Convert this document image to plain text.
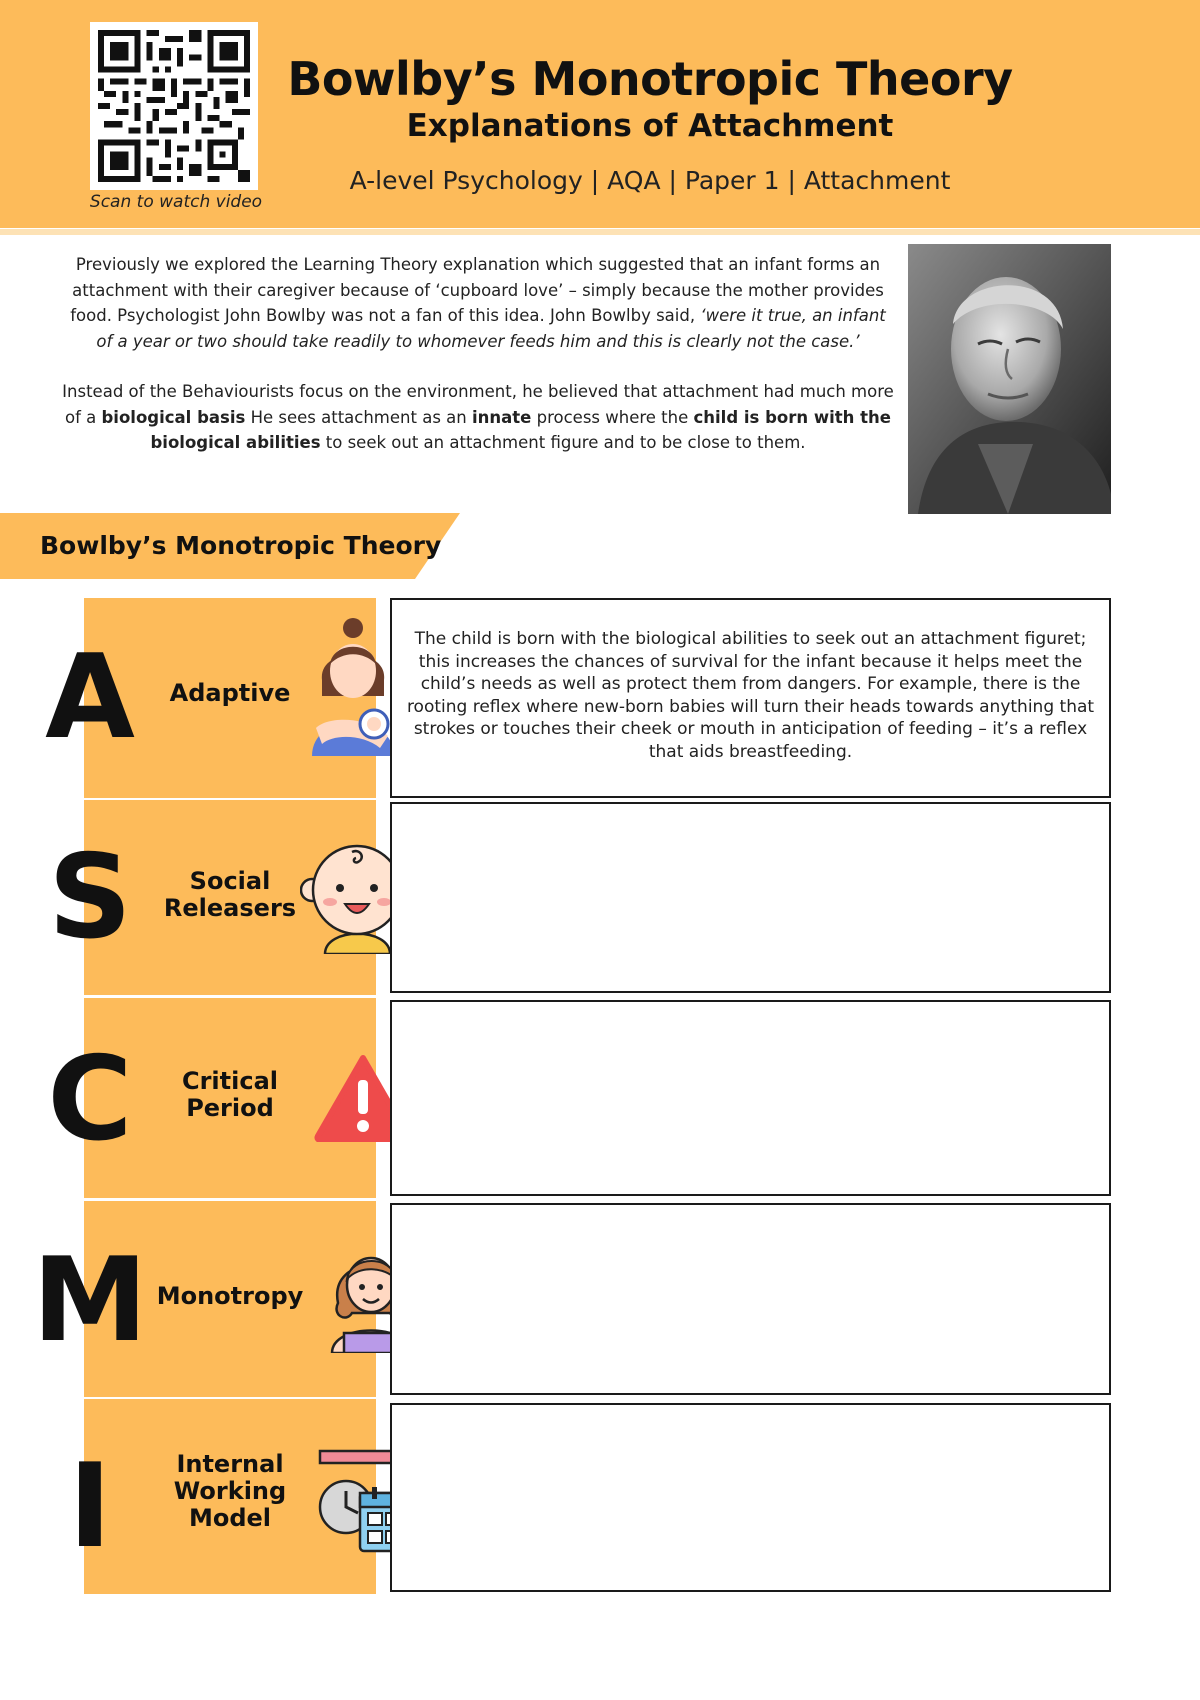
Scan to watch video
Bowlby’s Monotropic Theory
Explanations of Attachment
A-level Psychology | AQA | Paper 1 | Attachment

Previously we explored the Learning Theory explanation which suggested that an infant forms an attachment with their caregiver because of ‘cupboard love’ – simply because the mother provides food. Psychologist John Bowlby was not a fan of this idea. John Bowlby said, ‘were it true, an infant of a year or two should take readily to whomever feeds him and this is clearly not the case.’

Instead of the Behaviourists focus on the environment, he believed that attachment had much more of a biological basis He sees attachment as an innate process where the child is born with the biological abilities to seek out an attachment figure and to be close to them.

Bowlby’s Monotropic Theory
A	Adaptive
The child is born with the biological abilities to seek out an attachment figuret; this increases the chances of survival for the infant because it helps meet the child’s needs as well as protect them from dangers. For example, there is the rooting reflex where new-born babies will turn their heads towards anything that strokes or touches their cheek or mouth in anticipation of feeding – it’s a reflex that aids breastfeeding.
S	Social
Releasers
C	Critical
Period
M Monotropy
I	Internal
Working
Model
